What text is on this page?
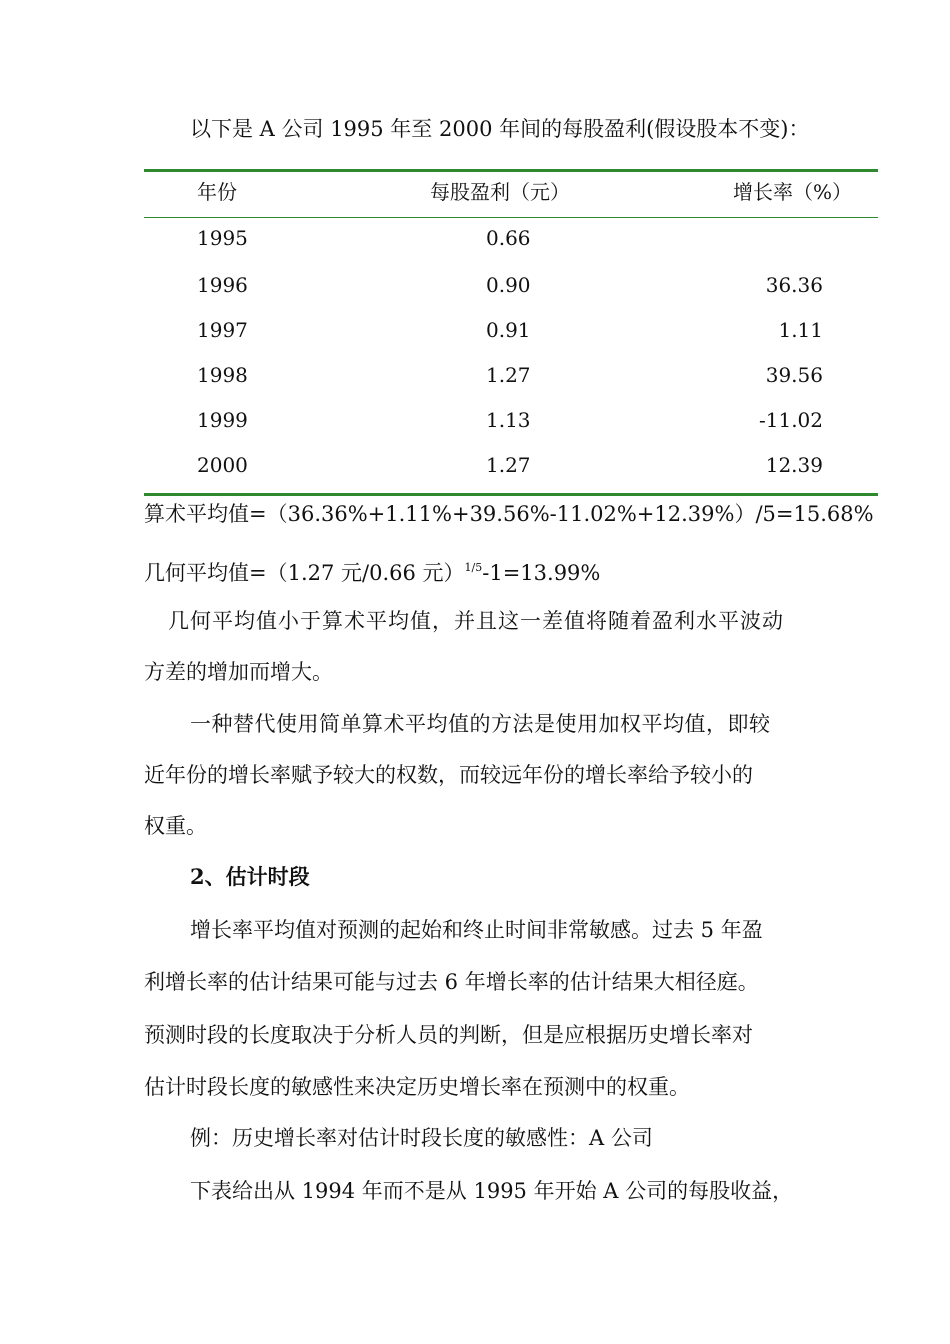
以下是 A 公司 1995 年至 2000 年间的每股盈利(假设股本不变)：
年份	每股盈利（元）	增长率（%）
1995	0.66
1996	0.90	36.36
1997	0.91	1.11
1998	1.27	39.56
1999	1.13	-11.02
2000	1.27	12.39
算术平均值=（36.36%+1.11%+39.56%-11.02%+12.39%）/5=15.68%
几何平均值=（1.27 元/0.66 元）$^{1/5}$-1=13.99%
几何平均值小于算术平均值，并且这一差值将随着盈利水平波动
方差的增加而增大。
一种替代使用简单算术平均值的方法是使用加权平均值，即较
近年份的增长率赋予较大的权数，而较远年份的增长率给予较小的
权重。
2、估计时段
增长率平均值对预测的起始和终止时间非常敏感。过去 5 年盈
利增长率的估计结果可能与过去 6 年增长率的估计结果大相径庭。
预测时段的长度取决于分析人员的判断，但是应根据历史增长率对
估计时段长度的敏感性来决定历史增长率在预测中的权重。
例：历史增长率对估计时段长度的敏感性：A 公司
下表给出从 1994 年而不是从 1995 年开始 A 公司的每股收益，
